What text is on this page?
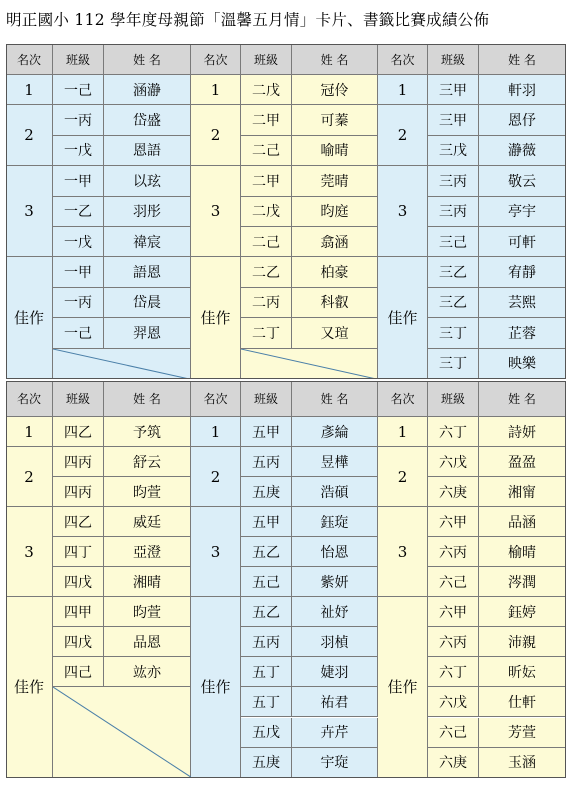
明正國小 112 學年度母親節「溫馨五月情」卡片、書籤比賽成績公佈
名次	班級	姓 名
1	一己	涵瀞
2
一丙	岱盛
一戊	恩語
3
一甲	以玹
一乙	羽彤
一戊	禕宸
佳作
一甲	語恩
一丙	岱晨
一己	羿恩
名次	班級	姓 名
1	二戊	冠伶
2
二甲	可蓁
二己	喻晴
3
二甲	莞晴
二戊	昀庭
二己	翕涵
佳作
二乙	柏豪
二丙	科叡
二丁	又瑄
名次	班級	姓 名
1	三甲	軒羽
2
三甲	恩伃
三戊	瀞薇
3
三丙	敬云
三丙	亭宇
三己	可軒
佳作
三乙	宥靜
三乙	芸熙
三丁	芷蓉
三丁	映樂
名次	班級	姓 名
1	四乙	予筑
2
四丙	舒云
四丙	昀萱
3
四乙	威廷
四丁	亞澄
四戊	湘晴
佳作
四甲	昀萱
四戊	品恩
四己	竑亦
名次	班級	姓 名
1	五甲	彥綸
2
五丙	昱樺
五庚	浩碩
3
五甲	鈺琁
五乙	怡恩
五己	紫妍
佳作
五乙	祉妤
五丙	羽楨
五丁	婕羽
五丁	祐君
五戊	卉芹
五庚	宇琁
名次	班級	姓 名
1	六丁	詩妍
2
六戊	盈盈
六庚	湘甯
3
六甲	品涵
六丙	榆晴
六己	涔潤
佳作
六甲	鈺婷
六丙	沛親
六丁	昕妘
六戊	仕軒
六己	芳萱
六庚	玉涵
